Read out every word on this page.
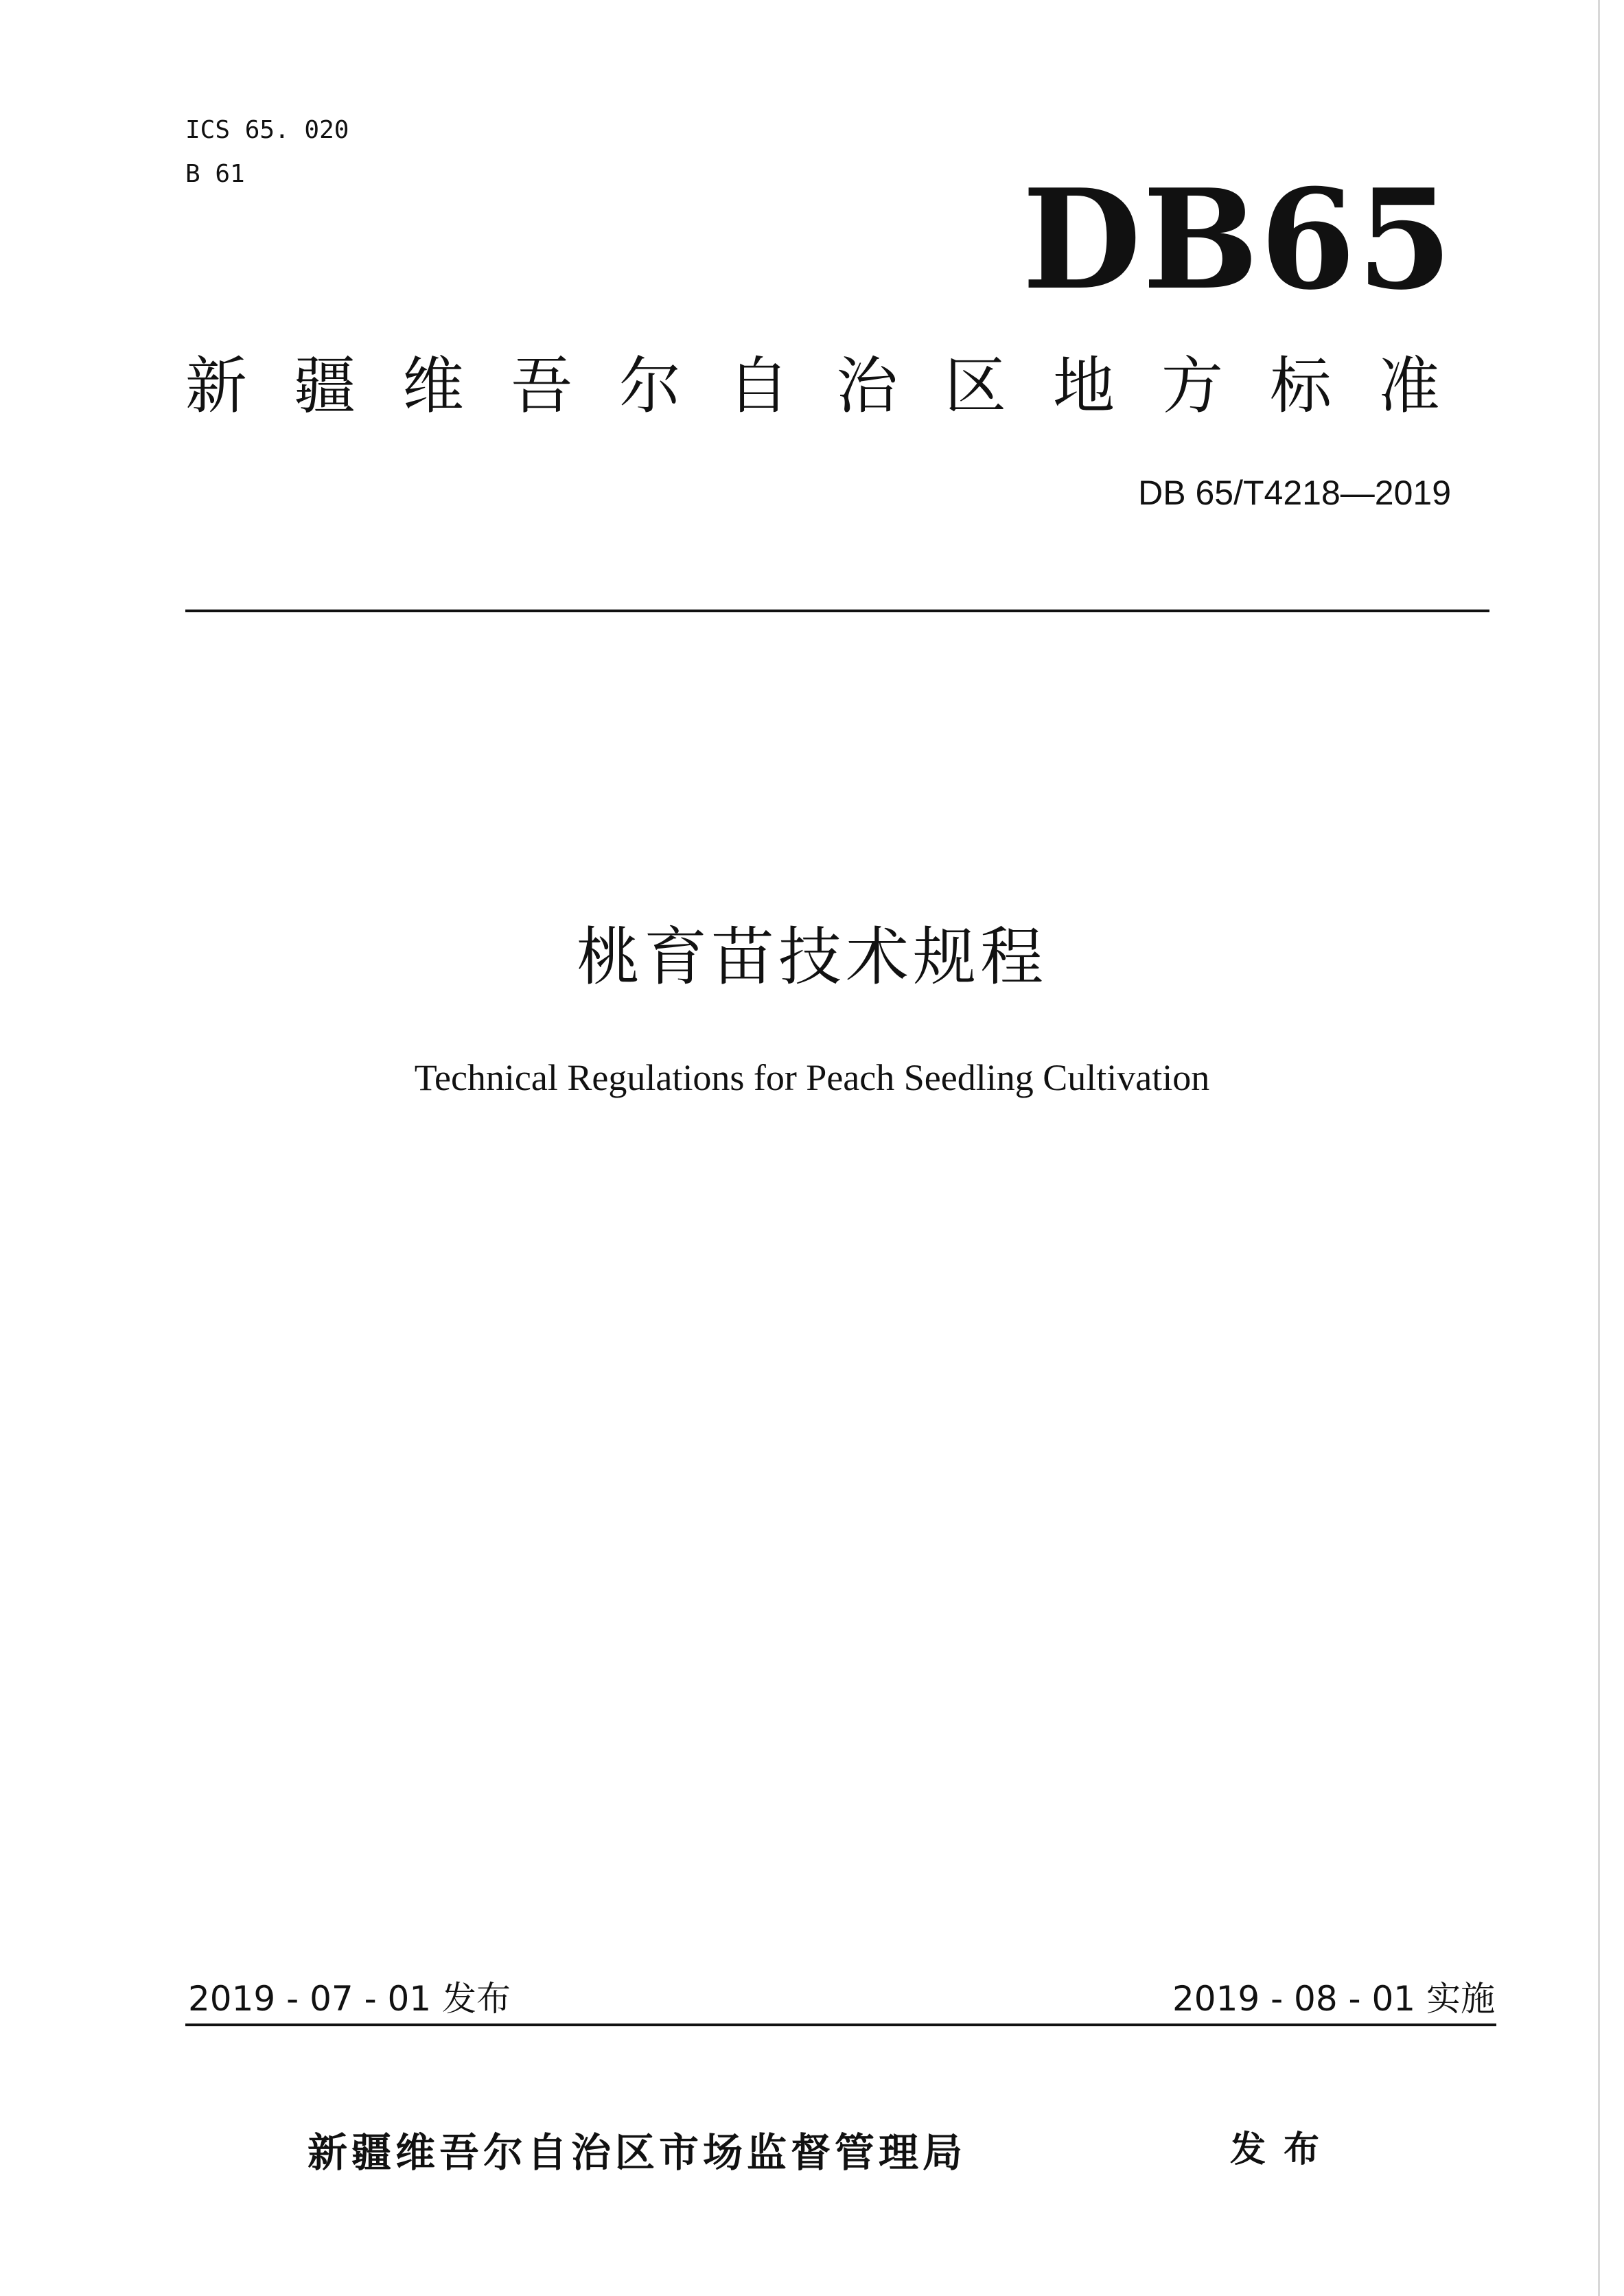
ICS 65. 020
B 61	DB65
新疆维吾尔自治区地方标准
DB 65/T4218—2019
桃育苗技术规程
Technical Regulations for Peach Seedling Cultivation
2019 - 07 - 01 发布	2019 - 08 - 01 实施
新疆维吾尔自治区市场监督管理局	发布
